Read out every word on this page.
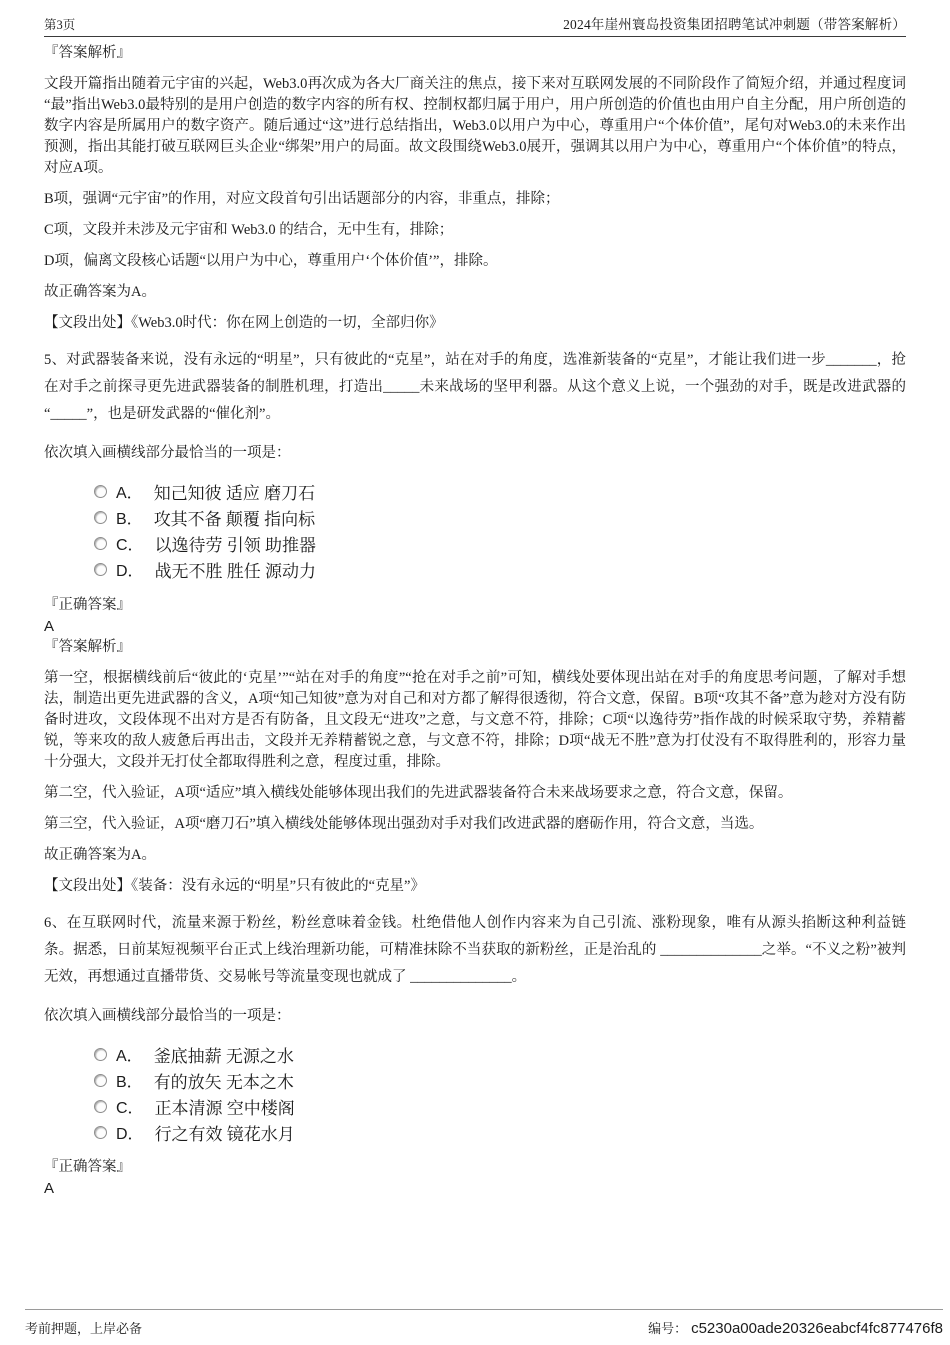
第3页	2024年崖州寰岛投资集团招聘笔试冲刺题（带答案解析）
『答案解析』

文段开篇指出随着元宇宙的兴起，Web3.0再次成为各大厂商关注的焦点，接下来对互联网发展的不同阶段作了简短介绍，并通过程度词“最”指出Web3.0最特别的是用户创造的数字内容的所有权、控制权都归属于用户，用户所创造的价值也由用户自主分配，用户所创造的数字内容是所属用户的数字资产。随后通过“这”进行总结指出，Web3.0以用户为中心，尊重用户“个体价值”，尾句对Web3.0的未来作出预测，指出其能打破互联网巨头企业“绑架”用户的局面。故文段围绕Web3.0展开，强调其以用户为中心，尊重用户“个体价值”的特点，对应A项。

B项，强调“元宇宙”的作用，对应文段首句引出话题部分的内容，非重点，排除；

C项，文段并未涉及元宇宙和 Web3.0 的结合，无中生有，排除；

D项，偏离文段核心话题“以用户为中心，尊重用户‘个体价值’”，排除。

故正确答案为A。

【文段出处】《Web3.0时代：你在网上创造的一切，全部归你》

5、对武器装备来说，没有永远的“明星”，只有彼此的“克星”，站在对手的角度，选准新装备的“克星”，才能让我们进一步_______，抢在对手之前探寻更先进武器装备的制胜机理，打造出_____未来战场的坚甲利器。从这个意义上说，一个强劲的对手，既是改进武器的“_____”，也是研发武器的“催化剂”。

依次填入画横线部分最恰当的一项是：

A． 知己知彼 适应 磨刀石
B． 攻其不备 颠覆 指向标
C． 以逸待劳 引领 助推器
D． 战无不胜 胜任 源动力
『正确答案』
A
『答案解析』

第一空，根据横线前后“彼此的‘克星’”“站在对手的角度”“抢在对手之前”可知，横线处要体现出站在对手的角度思考问题，了解对手想法，制造出更先进武器的含义，A项“知己知彼”意为对自己和对方都了解得很透彻，符合文意，保留。B项“攻其不备”意为趁对方没有防备时进攻，文段体现不出对方是否有防备，且文段无“进攻”之意，与文意不符，排除；C项“以逸待劳”指作战的时候采取守势，养精蓄锐，等来攻的敌人疲惫后再出击，文段并无养精蓄锐之意，与文意不符，排除；D项“战无不胜”意为打仗没有不取得胜利的，形容力量十分强大，文段并无打仗全都取得胜利之意，程度过重，排除。

第二空，代入验证，A项“适应”填入横线处能够体现出我们的先进武器装备符合未来战场要求之意，符合文意，保留。

第三空，代入验证，A项“磨刀石”填入横线处能够体现出强劲对手对我们改进武器的磨砺作用，符合文意，当选。

故正确答案为A。

【文段出处】《装备：没有永远的“明星”只有彼此的“克星”》

6、在互联网时代，流量来源于粉丝，粉丝意味着金钱。杜绝借他人创作内容来为自己引流、涨粉现象，唯有从源头掐断这种利益链条。据悉，日前某短视频平台正式上线治理新功能，可精准抹除不当获取的新粉丝，正是治乱的 ______________之举。“不义之粉”被判无效，再想通过直播带货、交易帐号等流量变现也就成了 ______________。

依次填入画横线部分最恰当的一项是：

A． 釜底抽薪 无源之水
B． 有的放矢 无本之木
C． 正本清源 空中楼阁
D． 行之有效 镜花水月
『正确答案』
A
考前押题，上岸必备	编号： c5230a00ade20326eabcf4fc877476f8
